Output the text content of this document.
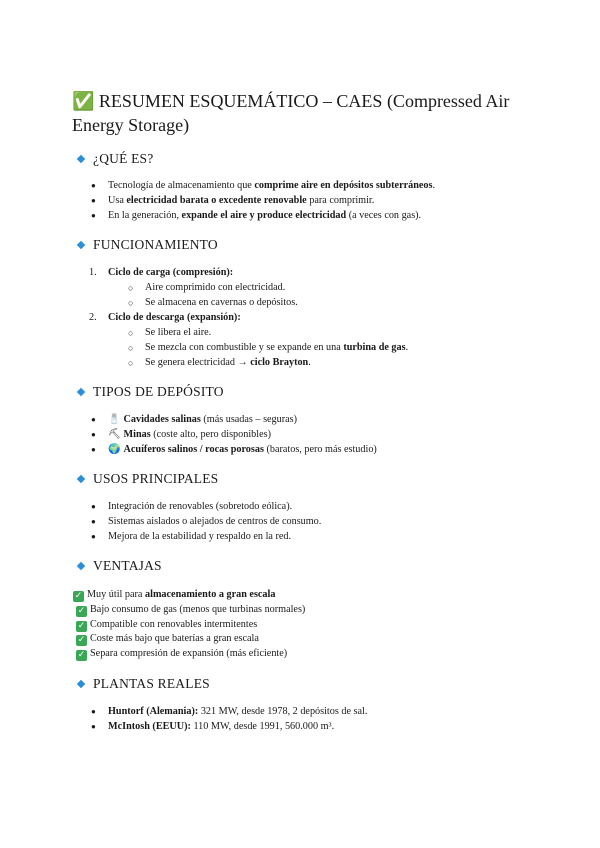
✅ RESUMEN ESQUEMÁTICO – CAES (Compressed Air
Energy Storage)
¿QUÉ ES?
● Tecnología de almacenamiento que comprime aire en depósitos subterráneos.
● Usa electricidad barata o excedente renovable para comprimir.
● En la generación, expande el aire y produce electricidad (a veces con gas).
FUNCIONAMIENTO
1. Ciclo de carga (compresión):
○ Aire comprimido con electricidad.
○ Se almacena en cavernas o depósitos.
2. Ciclo de descarga (expansión):
○ Se libera el aire.
○ Se mezcla con combustible y se expande en una turbina de gas.
○ Se genera electricidad → ciclo Brayton.
TIPOS DE DEPÓSITO
● 🧂 Cavidades salinas (más usadas – seguras)
● ⛏ Minas (coste alto, pero disponibles)
● 🌍 Acuíferos salinos / rocas porosas (baratos, pero más estudio)
USOS PRINCIPALES
● Integración de renovables (sobretodo eólica).
● Sistemas aislados o alejados de centros de consumo.
● Mejora de la estabilidad y respaldo en la red.
VENTAJAS
✓ Muy útil para almacenamiento a gran escala
✓ Bajo consumo de gas (menos que turbinas normales)
✓ Compatible con renovables intermitentes
✓ Coste más bajo que baterías a gran escala
✓ Separa compresión de expansión (más eficiente)
PLANTAS REALES
● Huntorf (Alemania): 321 MW, desde 1978, 2 depósitos de sal.
● McIntosh (EEUU): 110 MW, desde 1991, 560.000 m³.
